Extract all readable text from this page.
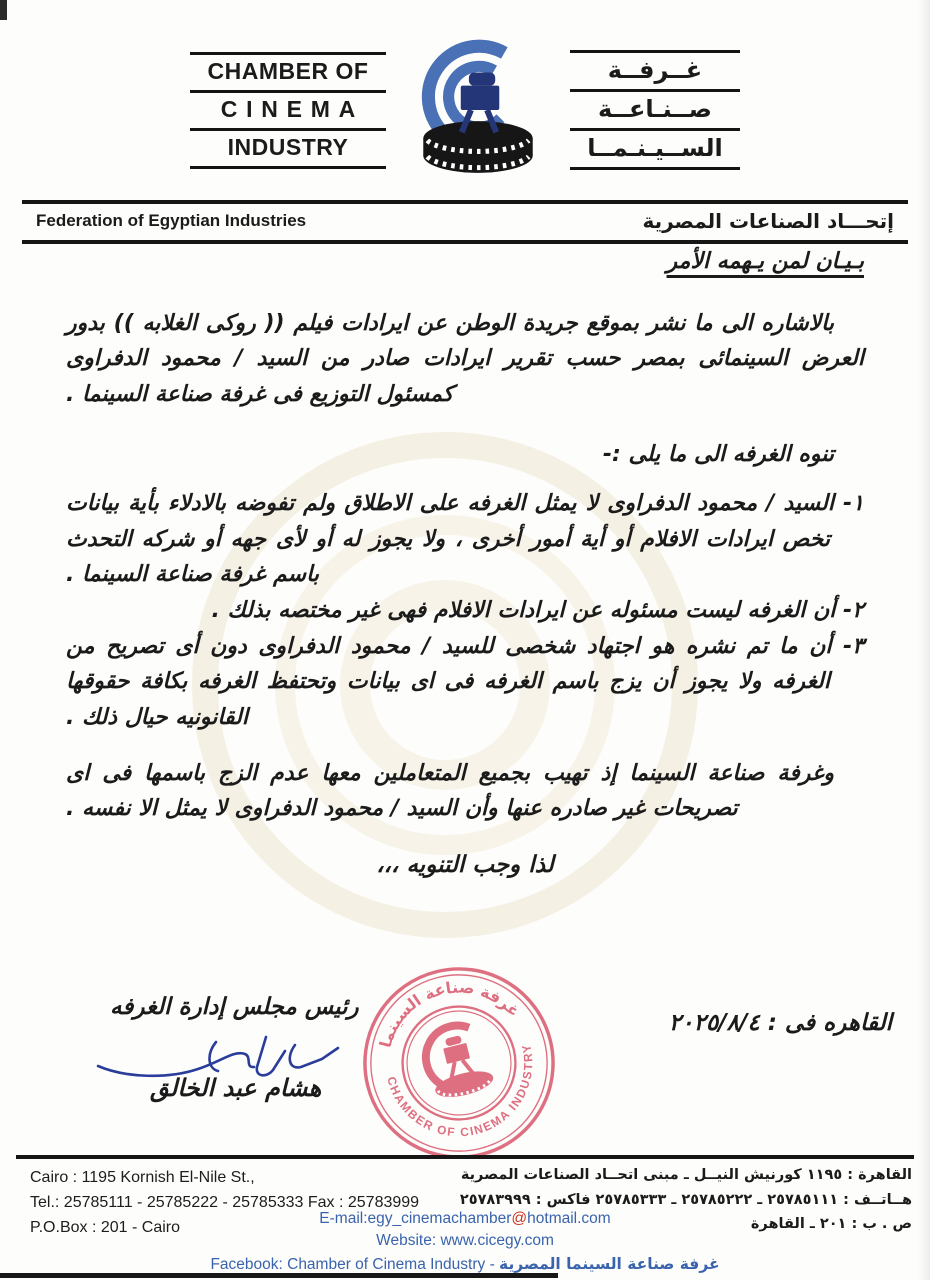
CHAMBER OF
CINEMA
INDUSTRY
غــرفــة
صــنـاعــة
الســيـنـمــا
Federation of Egyptian Industries	إتحـــاد الصناعات المصرية

بـيـان لمن يـهمه الأمر

بالاشاره الى ما نشر بموقع جريدة الوطن عن ايرادات فيلم (( روكى الغلابه )) بدور العرض السينمائى بمصر حسب تقرير ايرادات صادر من السيد / محمود الدفراوى كمسئول التوزيع فى غرفة صناعة السينما .

تنوه الغرفه الى ما يلى :-

١- السيد / محمود الدفراوى لا يمثل الغرفه على الاطلاق ولم تفوضه بالادلاء بأية بيانات تخص ايرادات الافلام أو أية أمور أخرى ، ولا يجوز له أو لأى جهه أو شركه التحدث باسم غرفة صناعة السينما .

٢- أن الغرفه ليست مسئوله عن ايرادات الافلام فهى غير مختصه بذلك .

٣- أن ما تم نشره هو اجتهاد شخصى للسيد / محمود الدفراوى دون أى تصريح من الغرفه ولا يجوز أن يزج باسم الغرفه فى اى بيانات وتحتفظ الغرفه بكافة حقوقها القانونيه حيال ذلك .

وغرفة صناعة السينما إذ تهيب بجميع المتعاملين معها عدم الزج باسمها فى اى تصريحات غير صادره عنها وأن السيد / محمود الدفراوى لا يمثل الا نفسه .

لذا وجب التنويه ،،،

رئيس مجلس إدارة الغرفه
هشام عبد الخالق
القاهره فى : ٢٠٢٥/٨/٤
غرفة صناعة السينما
CHAMBER OF CINEMA INDUSTRY
Cairo : 1195 Kornish El-Nile St.,
Tel.: 25785111 - 25785222 - 25785333 Fax : 25783999
P.O.Box : 201 - Cairo
القاهرة : ١١٩٥ كورنيش النيــل ـ مبنى اتحــاد الصناعات المصرية
هــاتــف : ٢٥٧٨٥١١١ ـ ٢٥٧٨٥٢٢٢ ـ ٢٥٧٨٥٣٣٣ فاكس : ٢٥٧٨٣٩٩٩
ص . ب : ٢٠١ ـ القاهرة
E-mail:egy_cinemachamber@hotmail.com
Website: www.cicegy.com
Facebook: Chamber of Cinema Industry - غرفة صناعة السينما المصرية
